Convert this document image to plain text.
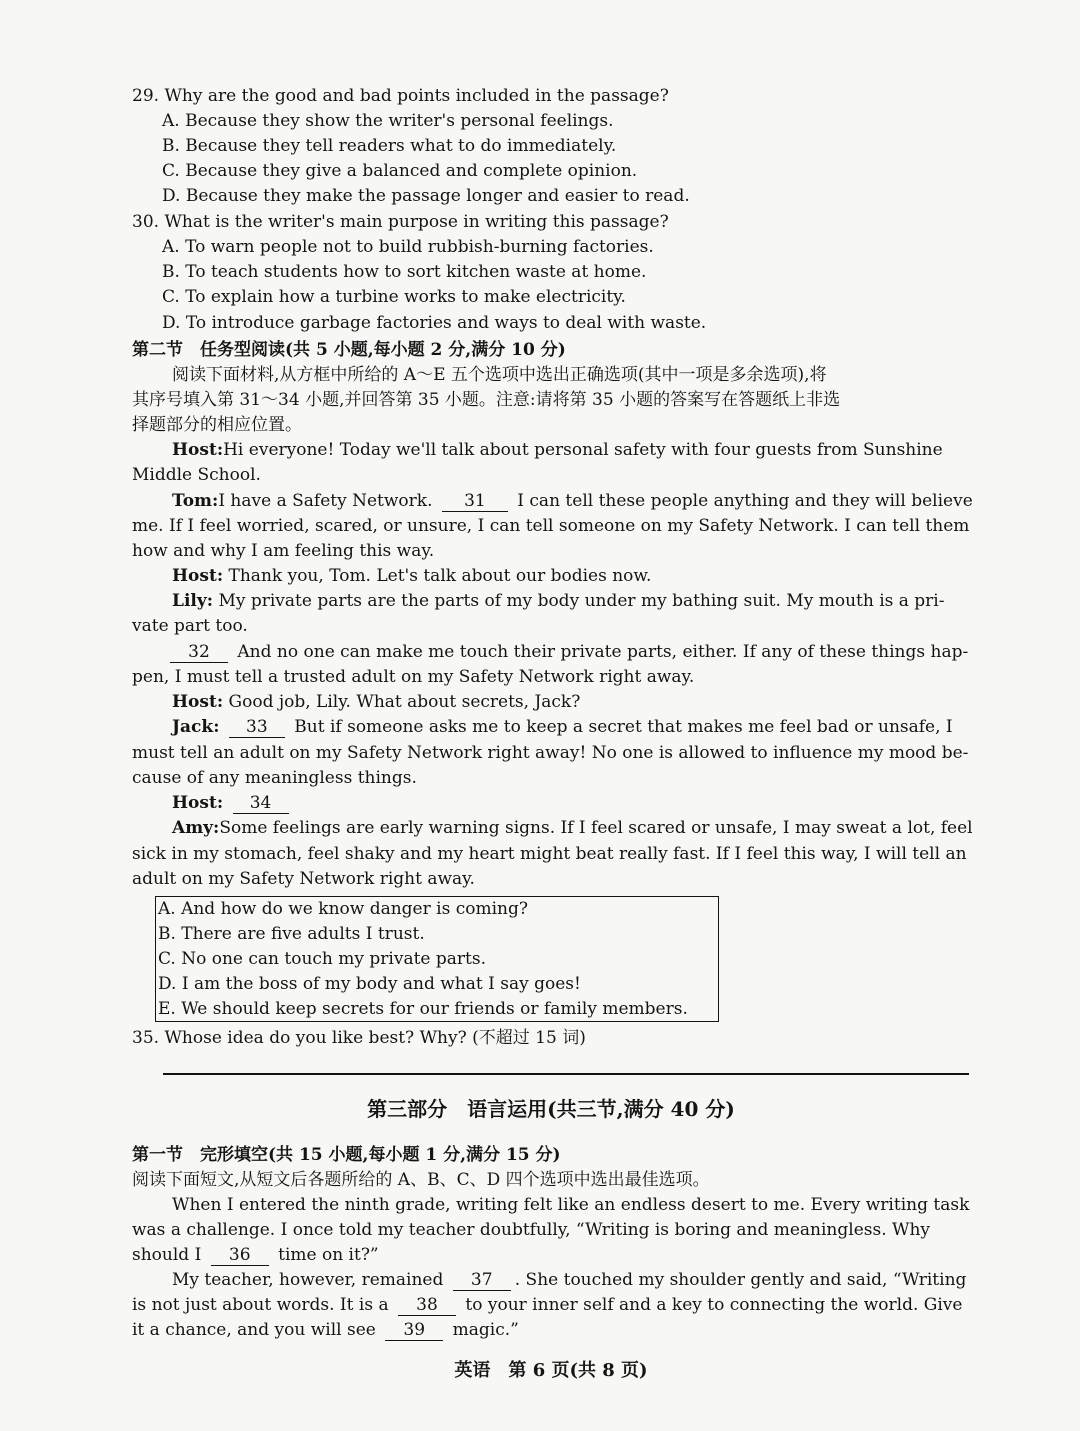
29. Why are the good and bad points included in the passage?
A. Because they show the writer's personal feelings.
B. Because they tell readers what to do immediately.
C. Because they give a balanced and complete opinion.
D. Because they make the passage longer and easier to read.
30. What is the writer's main purpose in writing this passage?
A. To warn people not to build rubbish-burning factories.
B. To teach students how to sort kitchen waste at home.
C. To explain how a turbine works to make electricity.
D. To introduce garbage factories and ways to deal with waste.
第二节　任务型阅读(共 5 小题,每小题 2 分,满分 10 分)
阅读下面材料,从方框中所给的 A～E 五个选项中选出正确选项(其中一项是多余选项),将
其序号填入第 31～34 小题,并回答第 35 小题。注意:请将第 35 小题的答案写在答题纸上非选
择题部分的相应位置。
Host:Hi everyone! Today we'll talk about personal safety with four guests from Sunshine
Middle School.
Tom:I have a Safety Network. 31 I can tell these people anything and they will believe
me. If I feel worried, scared, or unsure, I can tell someone on my Safety Network. I can tell them
how and why I am feeling this way.
Host: Thank you, Tom. Let's talk about our bodies now.
Lily: My private parts are the parts of my body under my bathing suit. My mouth is a pri-
vate part too.
32 And no one can make me touch their private parts, either. If any of these things hap-
pen, I must tell a trusted adult on my Safety Network right away.
Host: Good job, Lily. What about secrets, Jack?
Jack: 33 But if someone asks me to keep a secret that makes me feel bad or unsafe, I
must tell an adult on my Safety Network right away! No one is allowed to influence my mood be-
cause of any meaningless things.
Host: 34
Amy:Some feelings are early warning signs. If I feel scared or unsafe, I may sweat a lot, feel
sick in my stomach, feel shaky and my heart might beat really fast. If I feel this way, I will tell an
adult on my Safety Network right away.
A. And how do we know danger is coming?
B. There are five adults I trust.
C. No one can touch my private parts.
D. I am the boss of my body and what I say goes!
E. We should keep secrets for our friends or family members.
35. Whose idea do you like best? Why? (不超过 15 词)
第三部分　语言运用(共三节,满分 40 分)
第一节　完形填空(共 15 小题,每小题 1 分,满分 15 分)
阅读下面短文,从短文后各题所给的 A、B、C、D 四个选项中选出最佳选项。
When I entered the ninth grade, writing felt like an endless desert to me. Every writing task
was a challenge. I once told my teacher doubtfully, “Writing is boring and meaningless. Why
should I 36 time on it?”
My teacher, however, remained 37 . She touched my shoulder gently and said, “Writing
is not just about words. It is a 38 to your inner self and a key to connecting the world. Give
it a chance, and you will see 39 magic.”
英语　第 6 页(共 8 页)
